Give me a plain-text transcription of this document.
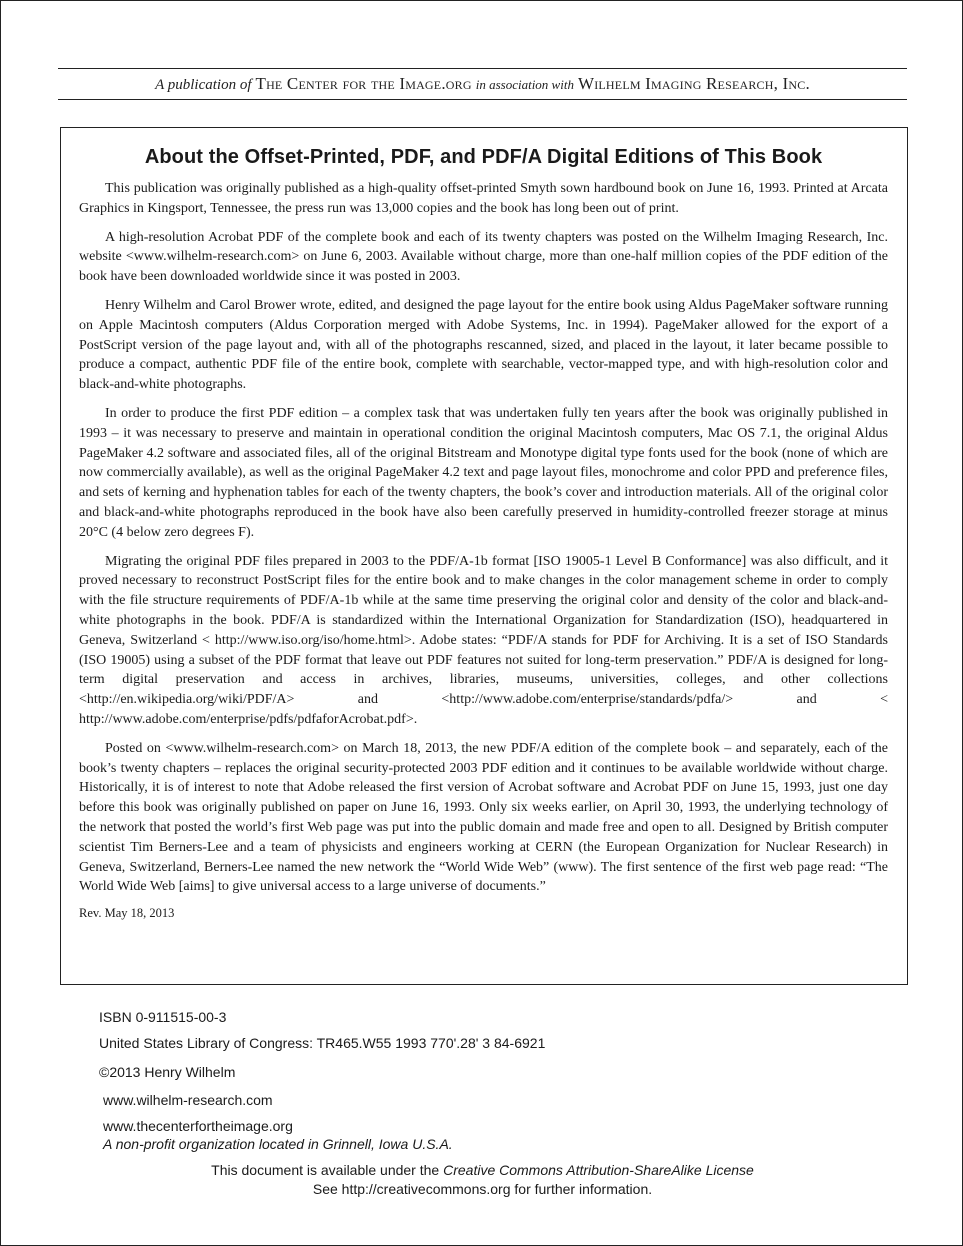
A publication of The Center for the Image.org in association with Wilhelm Imaging Research, Inc.
About the Offset-Printed, PDF, and PDF/A Digital Editions of This Book

This publication was originally published as a high-quality offset-printed Smyth sown hardbound book on June 16, 1993. Printed at Arcata Graphics in Kingsport, Tennessee, the press run was 13,000 copies and the book has long been out of print.

A high-resolution Acrobat PDF of the complete book and each of its twenty chapters was posted on the Wilhelm Imaging Research, Inc. website <www.wilhelm-research.com> on June 6, 2003. Available without charge, more than one-half million copies of the PDF edition of the book have been downloaded worldwide since it was posted in 2003.

Henry Wilhelm and Carol Brower wrote, edited, and designed the page layout for the entire book using Aldus PageMaker software running on Apple Macintosh computers (Aldus Corporation merged with Adobe Systems, Inc. in 1994). PageMaker allowed for the export of a PostScript version of the page layout and, with all of the photographs rescanned, sized, and placed in the layout, it later became possible to produce a compact, authentic PDF file of the entire book, complete with searchable, vector-mapped type, and with high-resolution color and black-and-white photographs.

In order to produce the first PDF edition – a complex task that was undertaken fully ten years after the book was originally published in 1993 – it was necessary to preserve and maintain in operational condition the original Macintosh computers, Mac OS 7.1, the original Aldus PageMaker 4.2 software and associated files, all of the original Bitstream and Monotype digital type fonts used for the book (none of which are now commercially available), as well as the original PageMaker 4.2 text and page layout files, monochrome and color PPD and preference files, and sets of kerning and hyphenation tables for each of the twenty chapters, the book’s cover and introduction materials. All of the original color and black-and-white photographs reproduced in the book have also been carefully preserved in humidity-controlled freezer storage at minus 20°C (4 below zero degrees F).

Migrating the original PDF files prepared in 2003 to the PDF/A-1b format [ISO 19005-1 Level B Conformance] was also difficult, and it proved necessary to reconstruct PostScript files for the entire book and to make changes in the color management scheme in order to comply with the file structure requirements of PDF/A-1b while at the same time preserving the original color and density of the color and black-and-white photographs in the book. PDF/A is standardized within the International Organization for Standardization (ISO), headquartered in Geneva, Switzerland < http://www.iso.org/iso/home.html>. Adobe states: “PDF/A stands for PDF for Archiving. It is a set of ISO Standards (ISO 19005) using a subset of the PDF format that leave out PDF features not suited for long-term preservation.” PDF/A is designed for long-term digital preservation and access in archives, libraries, museums, universities, colleges, and other collections <http://en.wikipedia.org/wiki/PDF/A> and <http://www.adobe.com/enterprise/standards/pdfa/> and < http://www.adobe.com/enterprise/pdfs/pdfaforAcrobat.pdf>.

Posted on <www.wilhelm-research.com> on March 18, 2013, the new PDF/A edition of the complete book – and separately, each of the book’s twenty chapters – replaces the original security-protected 2003 PDF edition and it continues to be available worldwide without charge. Historically, it is of interest to note that Adobe released the first version of Acrobat software and Acrobat PDF on June 15, 1993, just one day before this book was originally published on paper on June 16, 1993. Only six weeks earlier, on April 30, 1993, the underlying technology of the network that posted the world’s first Web page was put into the public domain and made free and open to all. Designed by British computer scientist Tim Berners-Lee and a team of physicists and engineers working at CERN (the European Organization for Nuclear Research) in Geneva, Switzerland, Berners-Lee named the new network the “World Wide Web” (www). The first sentence of the first web page read: “The World Wide Web [aims] to give universal access to a large universe of documents.”

Rev. May 18, 2013

ISBN 0-911515-00-3
United States Library of Congress: TR465.W55 1993 770'.28' 3 84-6921
©2013 Henry Wilhelm
www.wilhelm-research.com
www.thecenterfortheimage.org
A non-profit organization located in Grinnell, Iowa U.S.A.
This document is available under the Creative Commons Attribution-ShareAlike License
See http://creativecommons.org for further information.
